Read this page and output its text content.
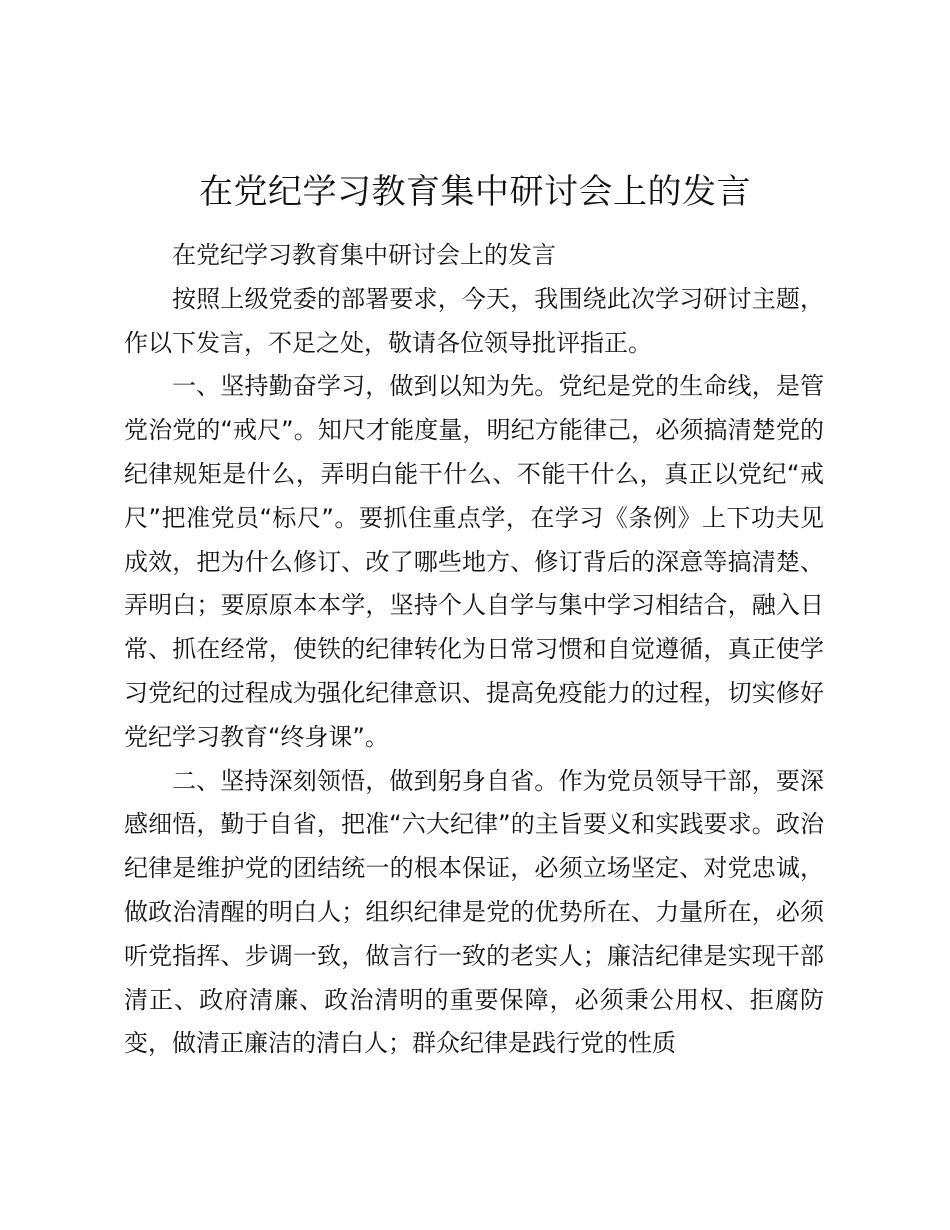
在党纪学习教育集中研讨会上的发言

在党纪学习教育集中研讨会上的发言

按照上级党委的部署要求，今天，我围绕此次学习研讨主题，作以下发言，不足之处，敬请各位领导批评指正。

一、坚持勤奋学习，做到以知为先。党纪是党的生命线，是管党治党的“戒尺”。知尺才能度量，明纪方能律己，必须搞清楚党的纪律规矩是什么，弄明白能干什么、不能干什么，真正以党纪“戒尺”把准党员“标尺”。要抓住重点学，在学习《条例》上下功夫见成效，把为什么修订、改了哪些地方、修订背后的深意等搞清楚、弄明白；要原原本本学，坚持个人自学与集中学习相结合，融入日常、抓在经常，使铁的纪律转化为日常习惯和自觉遵循，真正使学习党纪的过程成为强化纪律意识、提高免疫能力的过程，切实修好党纪学习教育“终身课”。

二、坚持深刻领悟，做到躬身自省。作为党员领导干部，要深感细悟，勤于自省，把准“六大纪律”的主旨要义和实践要求。政治纪律是维护党的团结统一的根本保证，必须立场坚定、对党忠诚，做政治清醒的明白人；组织纪律是党的优势所在、力量所在，必须听党指挥、步调一致，做言行一致的老实人；廉洁纪律是实现干部清正、政府清廉、政治清明的重要保障，必须秉公用权、拒腐防变，做清正廉洁的清白人；群众纪律是践行党的性质
